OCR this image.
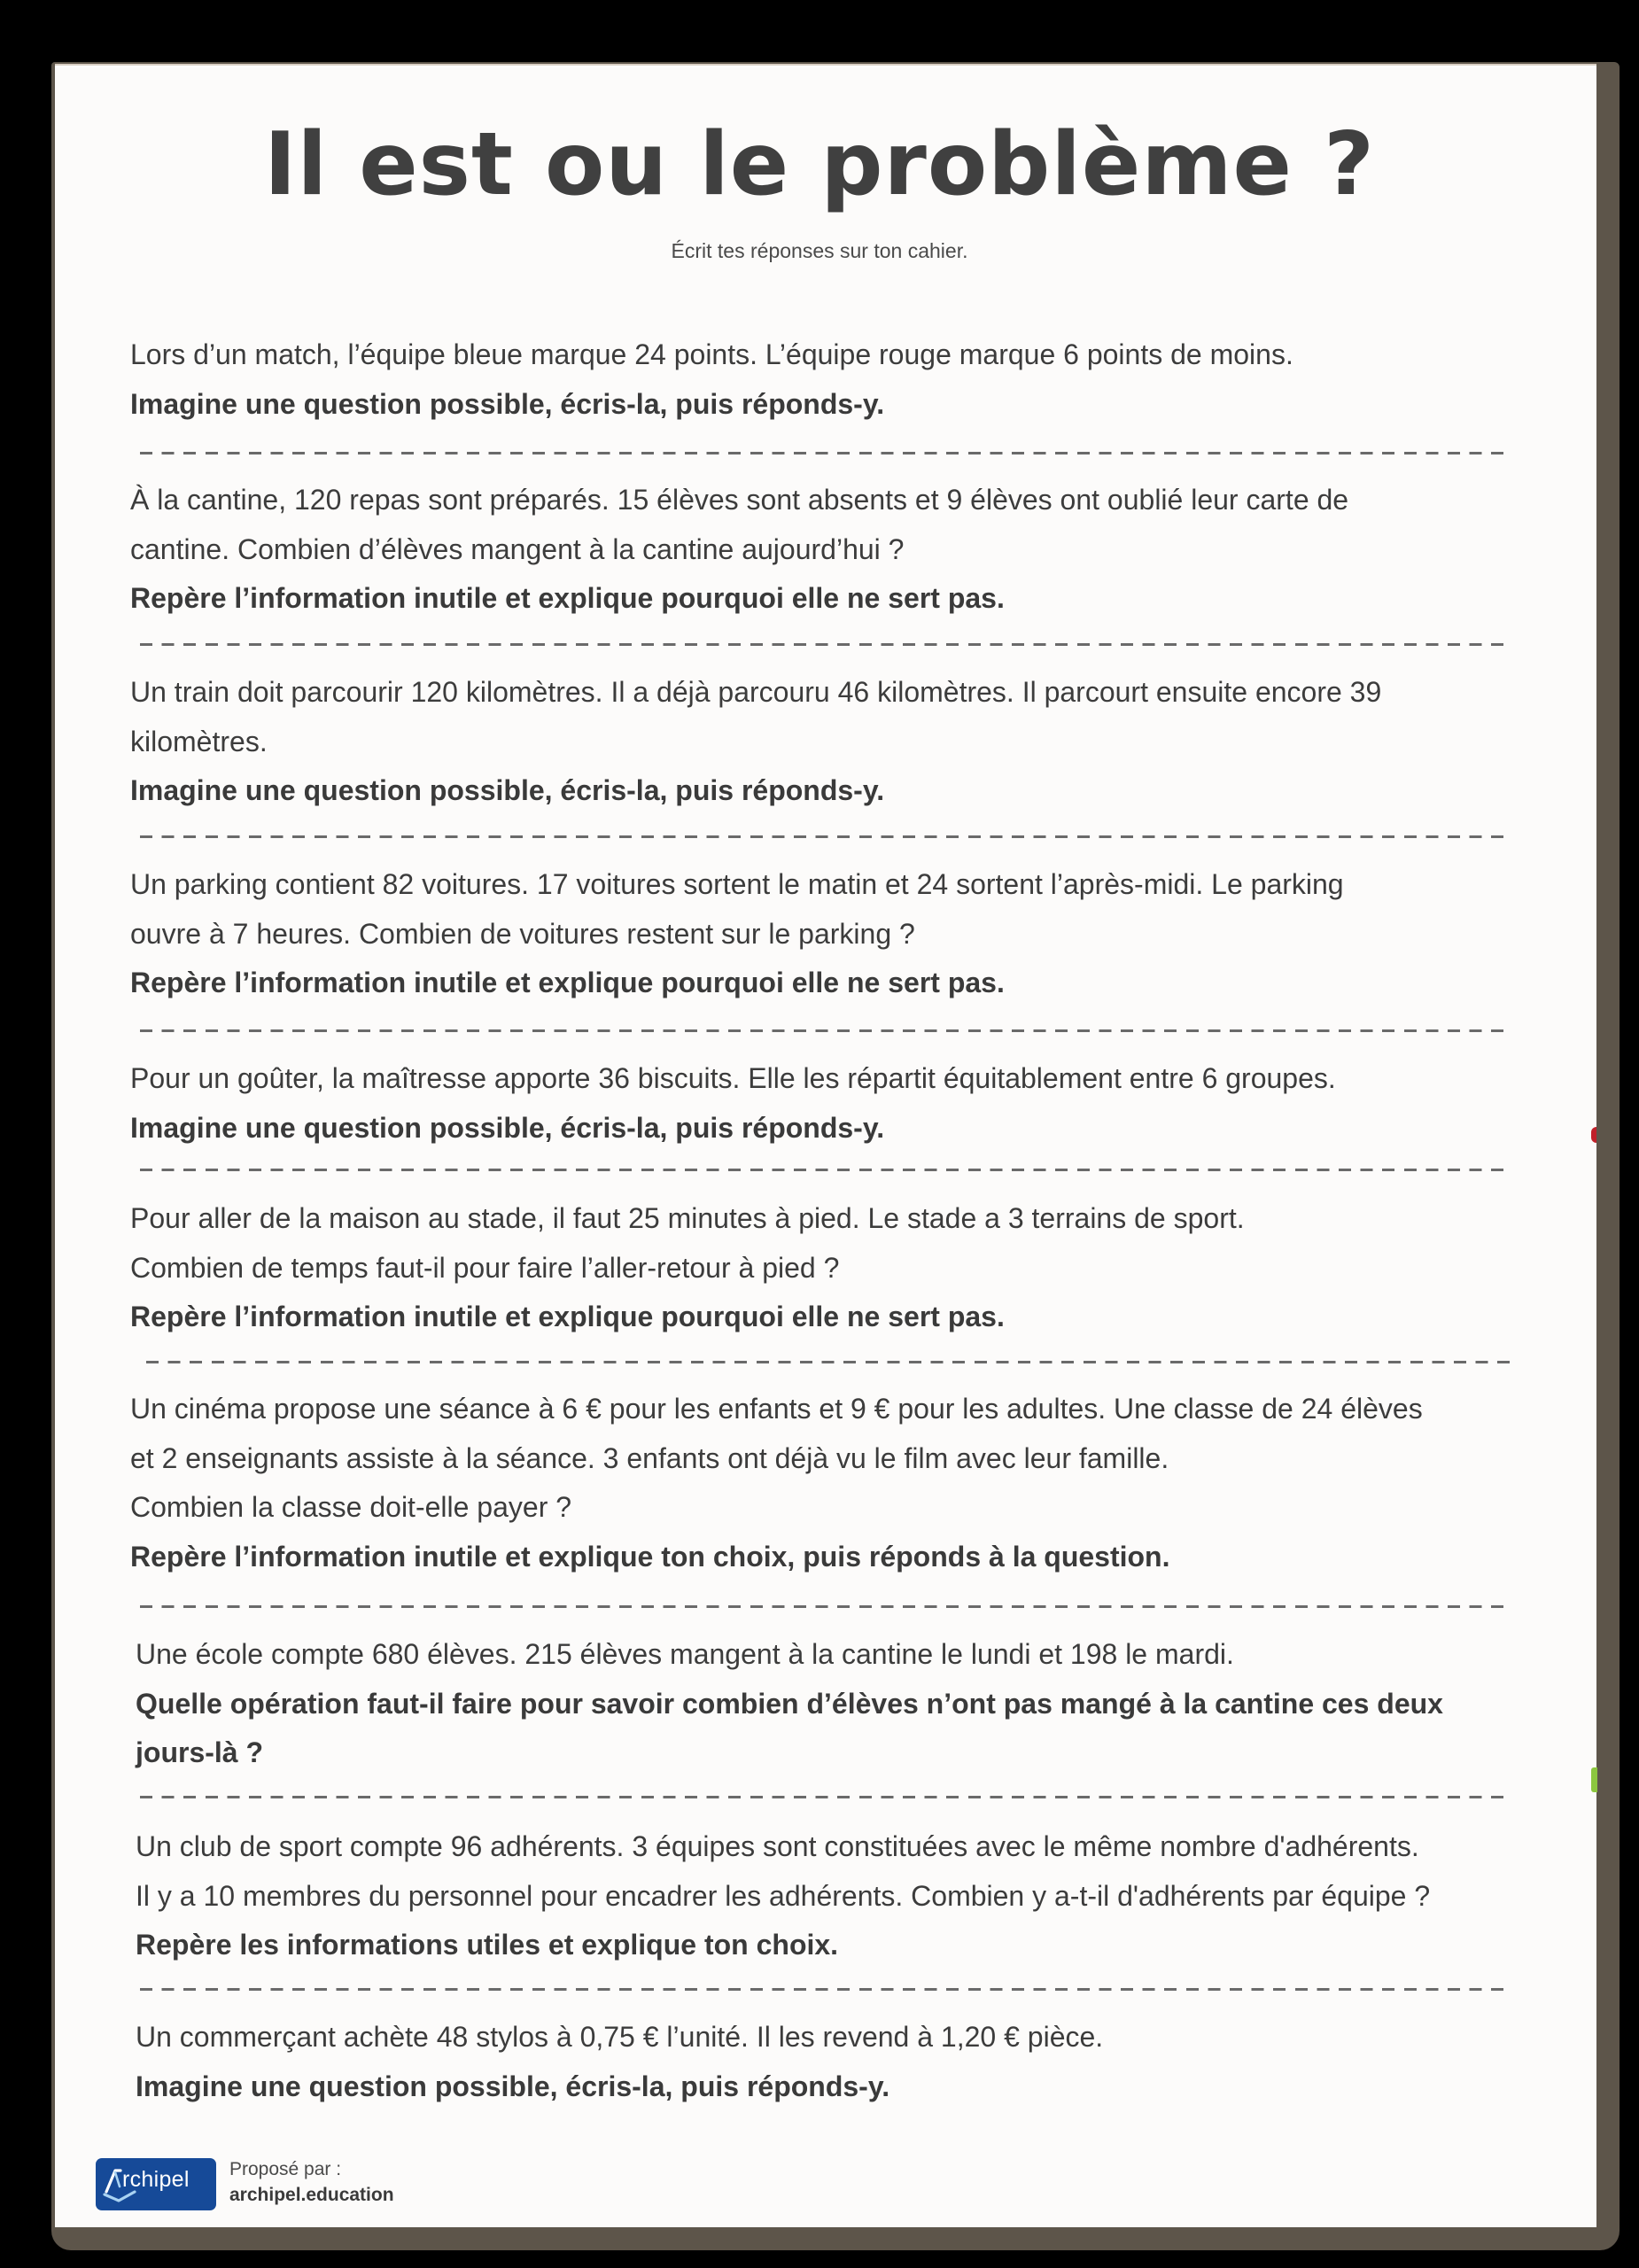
Il est ou le problème ?
Écrit tes réponses sur ton cahier.
Lors d’un match, l’équipe bleue marque 24 points. L’équipe rouge marque 6 points de moins.
Imagine une question possible, écris-la, puis réponds-y.
À la cantine, 120 repas sont préparés. 15 élèves sont absents et 9 élèves ont oublié leur carte de
cantine. Combien d’élèves mangent à la cantine aujourd’hui ?
Repère l’information inutile et explique pourquoi elle ne sert pas.
Un train doit parcourir 120 kilomètres. Il a déjà parcouru 46 kilomètres. Il parcourt ensuite encore 39
kilomètres.
Imagine une question possible, écris-la, puis réponds-y.
Un parking contient 82 voitures. 17 voitures sortent le matin et 24 sortent l’après-midi. Le parking
ouvre à 7 heures. Combien de voitures restent sur le parking ?
Repère l’information inutile et explique pourquoi elle ne sert pas.
Pour un goûter, la maîtresse apporte 36 biscuits. Elle les répartit équitablement entre 6 groupes.
Imagine une question possible, écris-la, puis réponds-y.
Pour aller de la maison au stade, il faut 25 minutes à pied. Le stade a 3 terrains de sport.
Combien de temps faut-il pour faire l’aller-retour à pied ?
Repère l’information inutile et explique pourquoi elle ne sert pas.
Un cinéma propose une séance à 6 € pour les enfants et 9 € pour les adultes. Une classe de 24 élèves
et 2 enseignants assiste à la séance. 3 enfants ont déjà vu le film avec leur famille.
Combien la classe doit-elle payer ?
Repère l’information inutile et explique ton choix, puis réponds à la question.
Une école compte 680 élèves. 215 élèves mangent à la cantine le lundi et 198 le mardi.
Quelle opération faut-il faire pour savoir combien d’élèves n’ont pas mangé à la cantine ces deux
jours-là ?
Un club de sport compte 96 adhérents. 3 équipes sont constituées avec le même nombre d'adhérents.
Il y a 10 membres du personnel pour encadrer les adhérents. Combien y a-t-il d'adhérents par équipe ?
Repère les informations utiles et explique ton choix.
Un commerçant achète 48 stylos à 0,75 € l’unité. Il les revend à 1,20 € pièce.
Imagine une question possible, écris-la, puis réponds-y.
rchipel Proposé par :
archipel.education
